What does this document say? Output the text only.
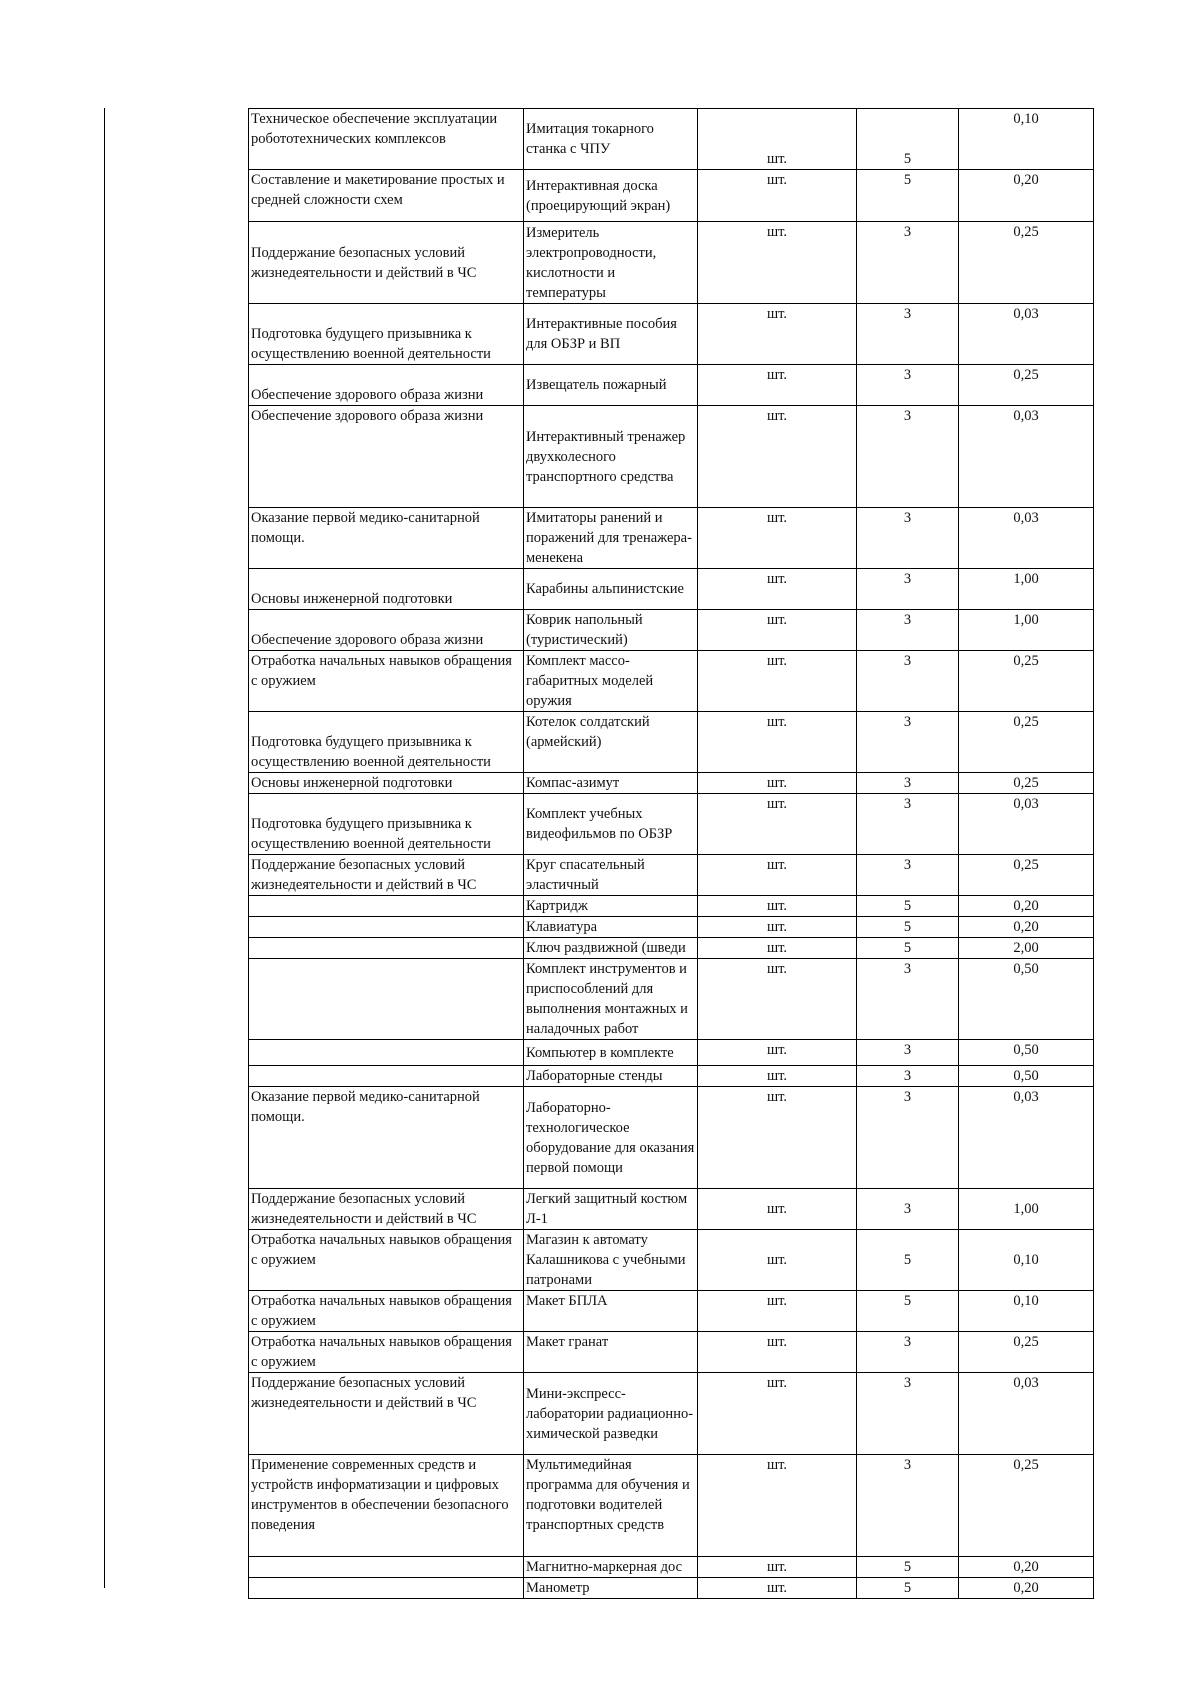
Техническое обеспечение эксплуатации робототехнических комплексов	Имитация токарного станка с ЧПУ	шт.	5	0,10
Составление и макетирование простых и средней сложности схем	Интерактивная доска (проецирующий экран)	шт.	5	0,20
Поддержание безопасных условий жизнедеятельности и действий в ЧС	Измеритель электропроводности, кислотности и температуры	шт.	3	0,25
Подготовка будущего призывника к осуществлению военной деятельности	Интерактивные пособия для ОБЗР и ВП	шт.	3	0,03
Обеспечение здорового образа жизни	Извещатель пожарный	шт.	3	0,25
Обеспечение здорового образа жизни	Интерактивный тренажер двухколесного транспортного средства	шт.	3	0,03
Оказание первой медико-санитарной помощи.	Имитаторы ранений и поражений для тренажера-менекена	шт.	3	0,03
Основы инженерной подготовки	Карабины альпинистские	шт.	3	1,00
Обеспечение здорового образа жизни	Коврик напольный (туристический)	шт.	3	1,00
Отработка начальных навыков обращения с оружием	Комплект массо-габаритных моделей оружия	шт.	3	0,25
Подготовка будущего призывника к осуществлению военной деятельности	Котелок солдатский (армейский)	шт.	3	0,25
Основы инженерной подготовки	Компас-азимут	шт.	3	0,25
Подготовка будущего призывника к осуществлению военной деятельности	Комплект учебных видеофильмов по ОБЗР	шт.	3	0,03
Поддержание безопасных условий жизнедеятельности и действий в ЧС	Круг спасательный эластичный	шт.	3	0,25
	Картридж	шт.	5	0,20
	Клавиатура	шт.	5	0,20
	Ключ раздвижной (шведи	шт.	5	2,00
	Комплект инструментов и приспособлений для выполнения монтажных и наладочных работ	шт.	3	0,50
	Компьютер в комплекте	шт.	3	0,50
	Лабораторные стенды	шт.	3	0,50
Оказание первой медико-санитарной помощи.	Лабораторно-технологическое оборудование для оказания первой помощи	шт.	3	0,03
Поддержание безопасных условий жизнедеятельности и действий в ЧС	Легкий защитный костюм Л-1	шт.	3	1,00
Отработка начальных навыков обращения с оружием	Магазин к автомату Калашникова с учебными патронами	шт.	5	0,10
Отработка начальных навыков обращения с оружием	Макет БПЛА	шт.	5	0,10
Отработка начальных навыков обращения с оружием	Макет гранат	шт.	3	0,25
Поддержание безопасных условий жизнедеятельности и действий в ЧС	Мини-экспресс-лаборатории радиационно-химической разведки	шт.	3	0,03
Применение современных средств и устройств информатизации и цифровых инструментов в обеспечении безопасного поведения	Мультимедийная программа для обучения и подготовки водителей транспортных средств	шт.	3	0,25
	Магнитно-маркерная дос	шт.	5	0,20
	Манометр	шт.	5	0,20
